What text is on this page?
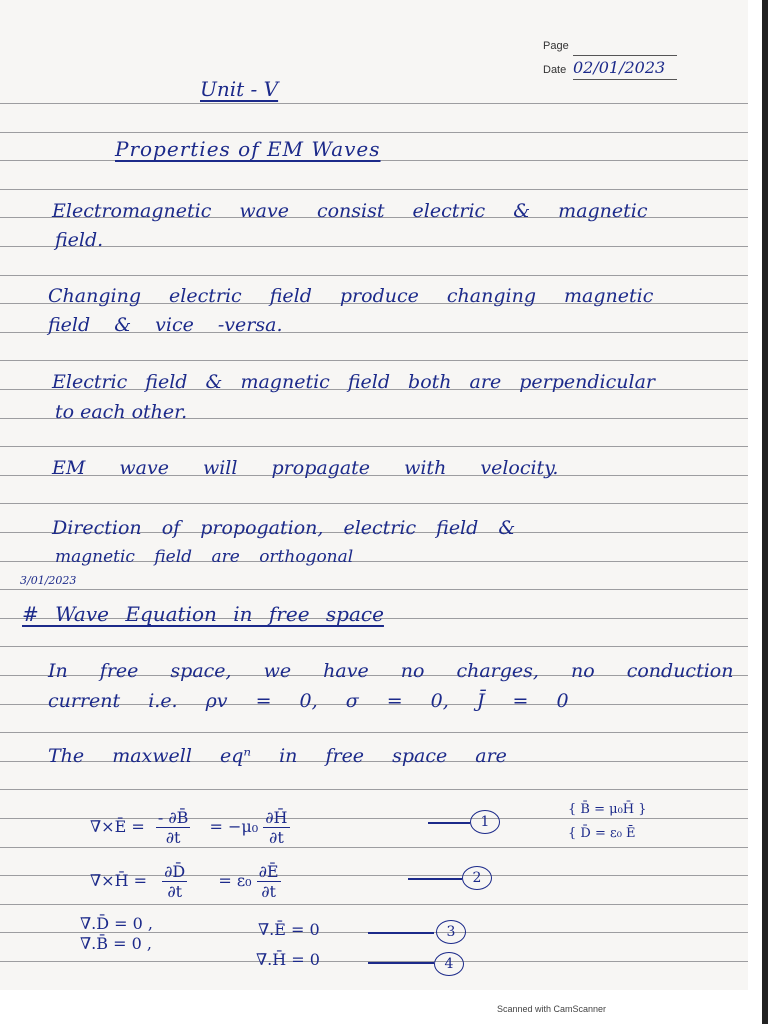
Page
Date 02/01/2023
Unit - V
Properties of EM Waves
Electromagnetic wave consist electric & magnetic
field.
Changing electric field produce changing magnetic
field & vice -versa.
Electric field & magnetic field both are perpendicular
to each other.
EM wave will propagate with velocity.
Direction of propogation, electric field &
magnetic field are orthogonal
3/01/2023
# Wave Equation in free space
In free space, we have no charges, no conduction
current i.e. ρv = 0, σ = 0, J̄ = 0
The maxwell eqⁿ in free space are
∇̄×Ē = $\frac{- \partial B̄}{\partial t} = -\mu_0 \frac{\partial H̄}{\partial t}$	1
{ B̄ = μ₀H̄ }
{ D̄ = ε₀ Ē
∇̄×H̄ = $\frac{\partial D̄}{\partial t} = \varepsilon_0 \frac{\partial Ē}{\partial t}$	2
∇̄.D̄ = 0 ,	∇̄.Ē = 0	3
∇̄.B̄ = 0 ,
∇̄.H̄ = 0	4
Scanned with CamScanner
